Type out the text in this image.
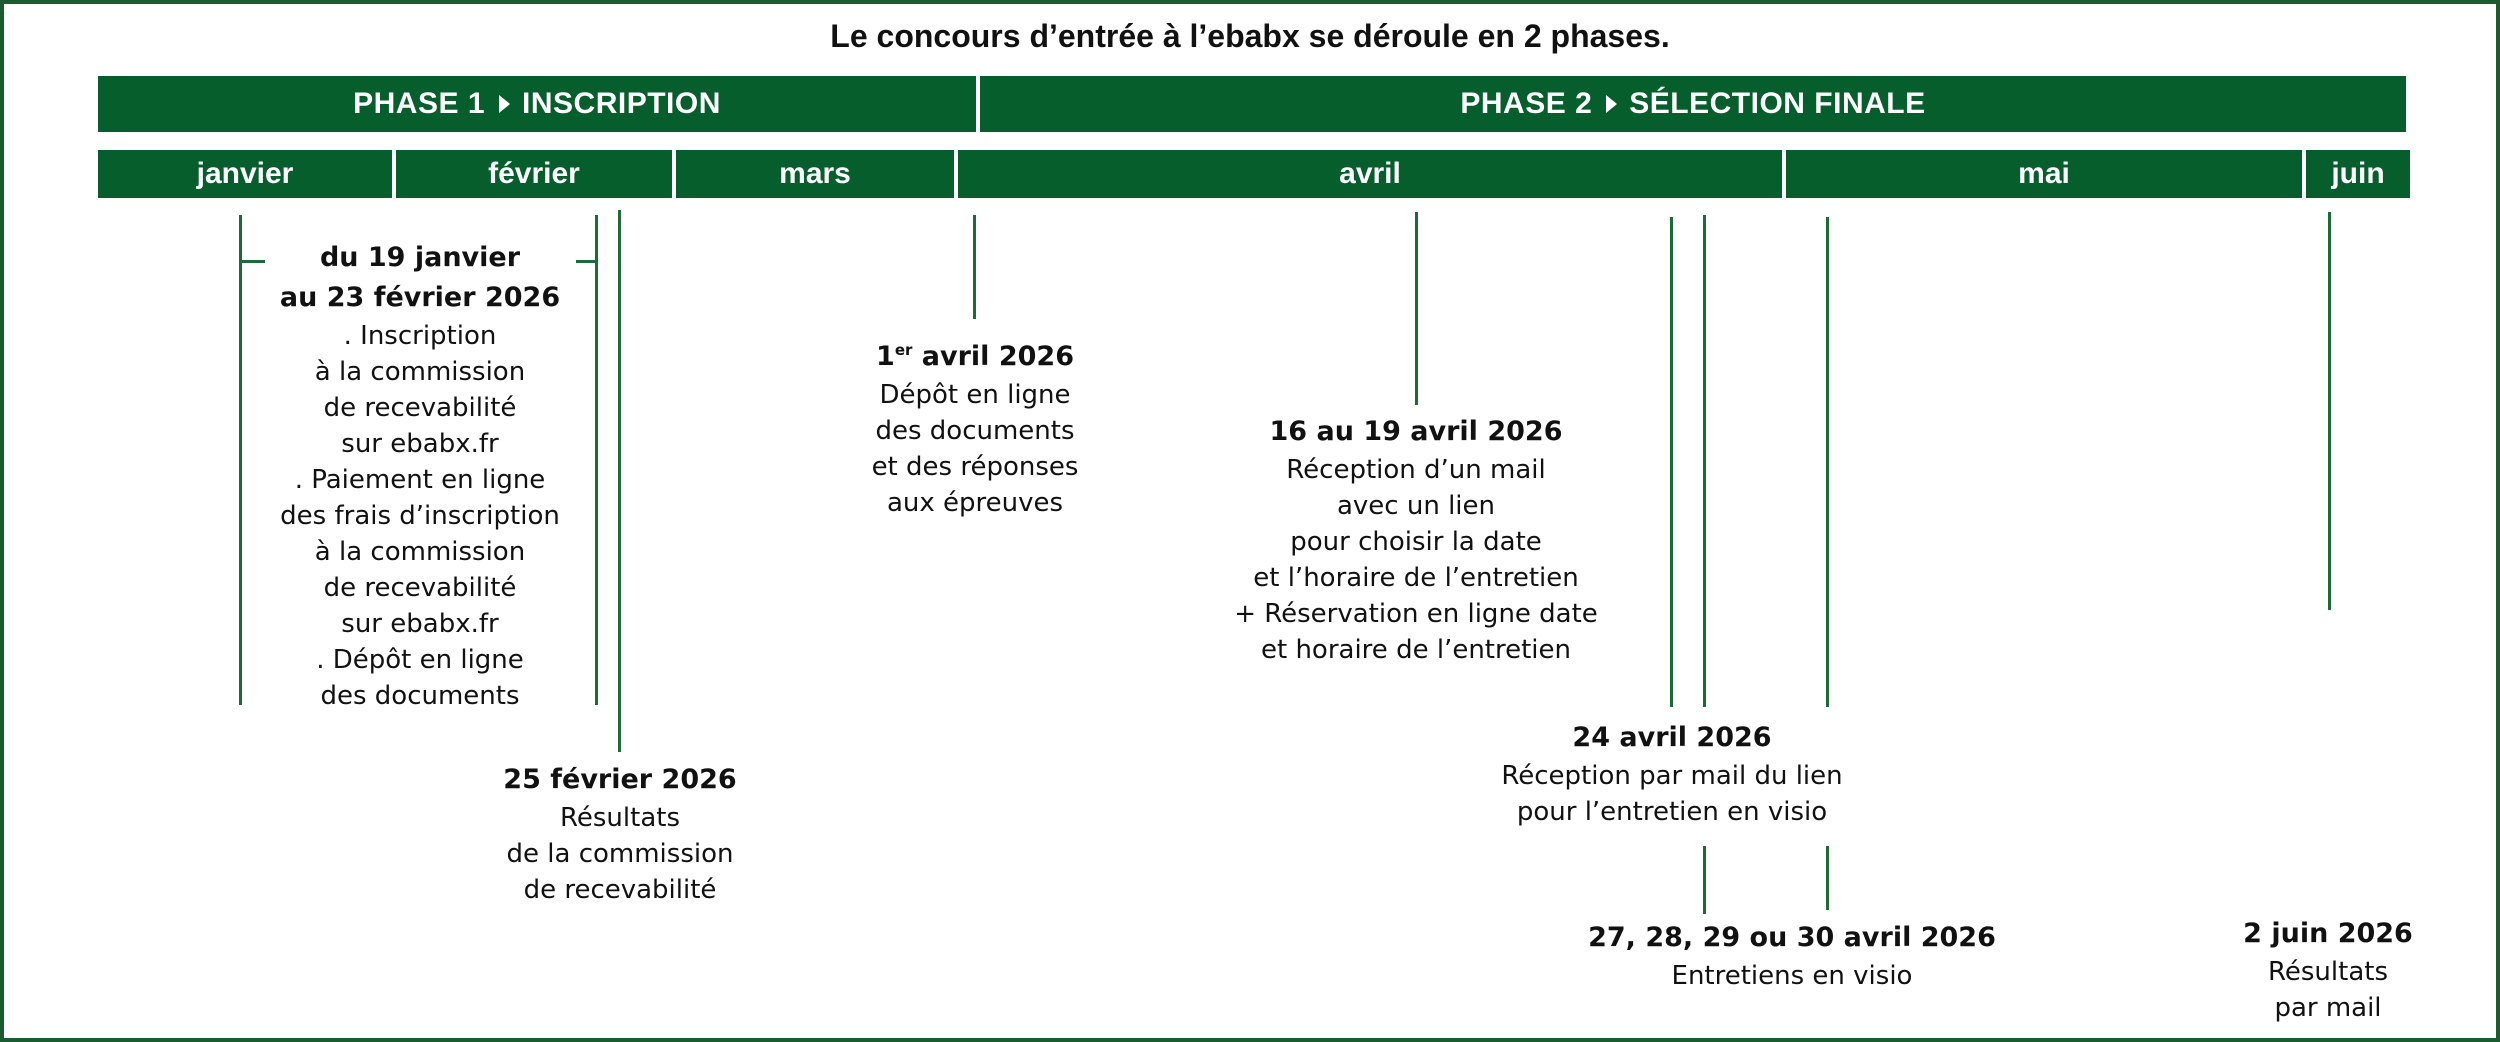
Le concours d’entrée à l’ebabx se déroule en 2 phases.
PHASE 1 INSCRIPTION	PHASE 2 SÉLECTION FINALE
janvier	février	mars	avril	mai	juin
du 19 janvier
au 23 février 2026
. Inscription
à la commission
de recevabilité
sur ebabx.fr
. Paiement en ligne
des frais d’inscription
à la commission
de recevabilité
sur ebabx.fr
. Dépôt en ligne
des documents
25 février 2026
Résultats
de la commission
de recevabilité
1er avril 2026
Dépôt en ligne
des documents
et des réponses
aux épreuves
16 au 19 avril 2026
Réception d’un mail
avec un lien
pour choisir la date
et l’horaire de l’entretien
+ Réservation en ligne date
et horaire de l’entretien
24 avril 2026
Réception par mail du lien
pour l’entretien en visio
27, 28, 29 ou 30 avril 2026
Entretiens en visio
2 juin 2026
Résultats
par mail
